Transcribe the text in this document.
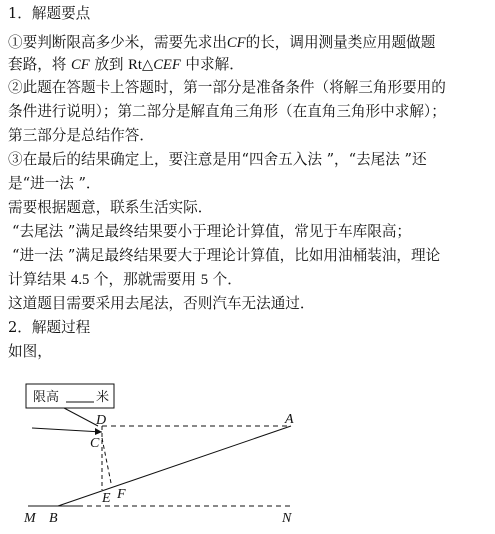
1．解题要点
①要判断限高多少米，需要先求出CF的长，调用测量类应用题做题
套路，将 CF 放到 Rt△CEF 中求解．
②此题在答题卡上答题时，第一部分是准备条件（将解三角形要用的
条件进行说明）；第二部分是解直角三角形（在直角三角形中求解）；
第三部分是总结作答．
③在最后的结果确定上，要注意是用“四舍五入法 ”，“去尾法 ”还
是“进一法 ”．
需要根据题意，联系生活实际．
“去尾法 ”满足最终结果要小于理论计算值，常见于车库限高；
“进一法 ”满足最终结果要大于理论计算值，比如用油桶装油，理论
计算结果 4.5 个，那就需要用 5 个．
这道题目需要采用去尾法，否则汽车无法通过．
2．解题过程
如图，
限高	米
D
C
A
E F
M B	N
